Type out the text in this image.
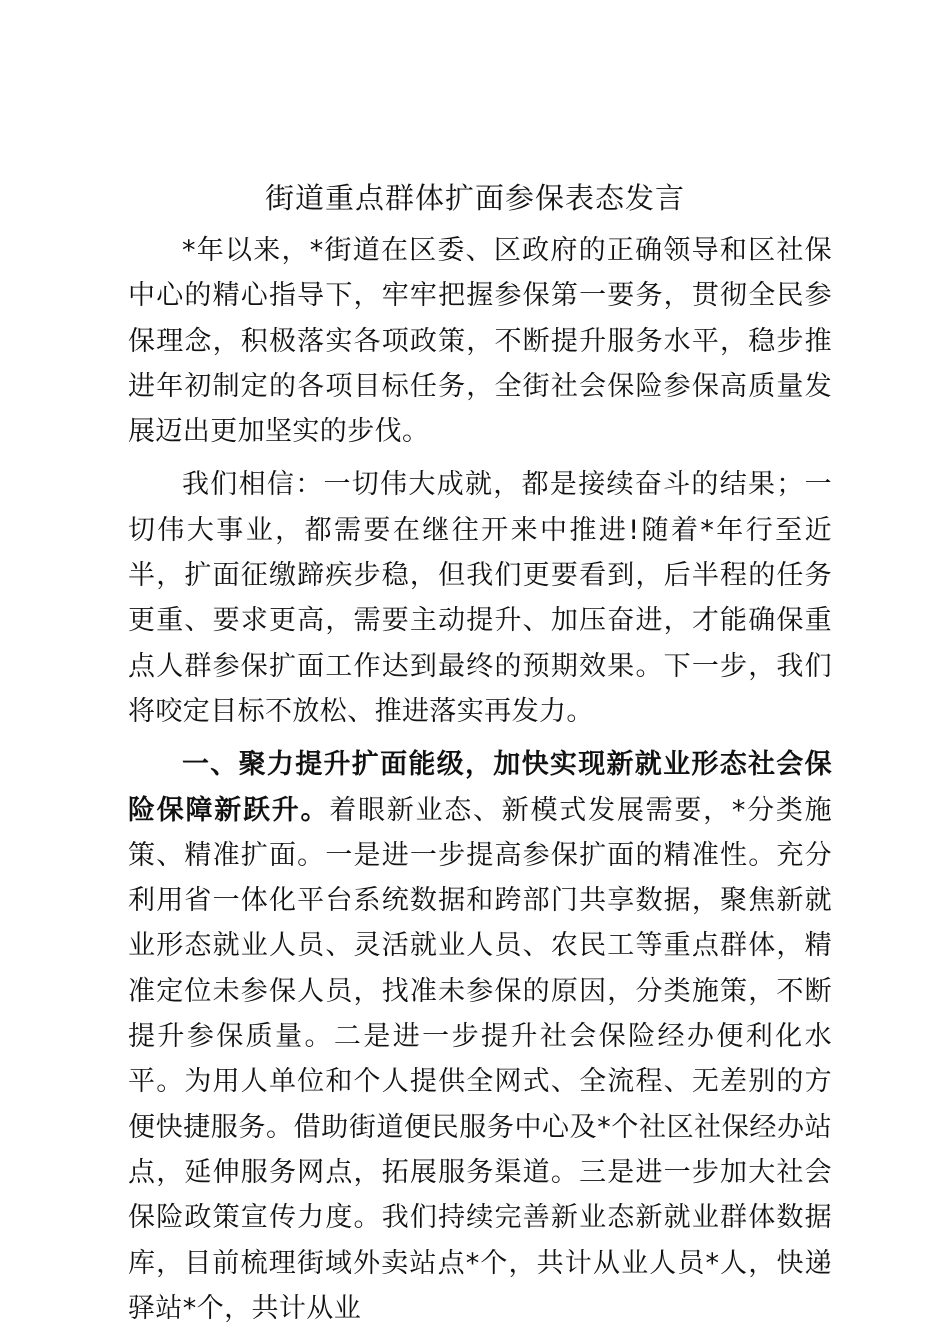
街道重点群体扩面参保表态发言

*年以来，*街道在区委、区政府的正确领导和区社保中心的精心指导下，牢牢把握参保第一要务，贯彻全民参保理念，积极落实各项政策，不断提升服务水平，稳步推进年初制定的各项目标任务，全街社会保险参保高质量发展迈出更加坚实的步伐。

我们相信：一切伟大成就，都是接续奋斗的结果；一切伟大事业，都需要在继往开来中推进!随着*年行至近半，扩面征缴蹄疾步稳，但我们更要看到，后半程的任务更重、要求更高，需要主动提升、加压奋进，才能确保重点人群参保扩面工作达到最终的预期效果。下一步，我们将咬定目标不放松、推进落实再发力。

一、聚力提升扩面能级，加快实现新就业形态社会保险保障新跃升。着眼新业态、新模式发展需要，*分类施策、精准扩面。一是进一步提高参保扩面的精准性。充分利用省一体化平台系统数据和跨部门共享数据，聚焦新就业形态就业人员、灵活就业人员、农民工等重点群体，精准定位未参保人员，找准未参保的原因，分类施策，不断提升参保质量。二是进一步提升社会保险经办便利化水平。为用人单位和个人提供全网式、全流程、无差别的方便快捷服务。借助街道便民服务中心及*个社区社保经办站点，延伸服务网点，拓展服务渠道。三是进一步加大社会保险政策宣传力度。我们持续完善新业态新就业群体数据库，目前梳理街域外卖站点*个，共计从业人员*人，快递驿站*个，共计从业
